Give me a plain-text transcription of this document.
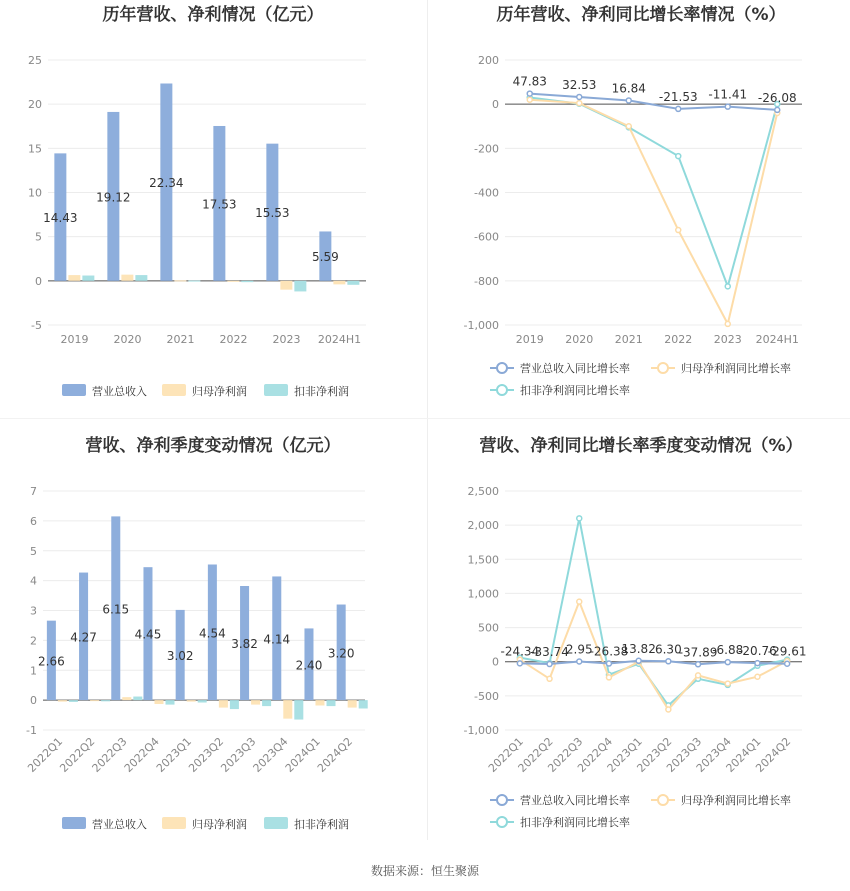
历年营收、净利情况（亿元）
-5
0
5
10
15
20
25
2019 2020 2021 2022 2023 2024H1
14.43
19.12
22.34
17.53
15.53
5.59
营业总收入	归母净利润	扣非净利润
历年营收、净利同比增长率情况（%）
-1,000
-800
-600
-400
-200
0
200
2019 2020 2021 2022 2023 2024H1
47.83 32.53 16.84
-21.53 -11.41 -26.08
营业总收入同比增长率	归母净利润同比增长率
扣非净利润同比增长率
营收、净利季度变动情况（亿元）
-1
0
1
2
3
4
5
6
7
2022Q1
2022Q2
2022Q3
2022Q4
2023Q1
2023Q2
2023Q3
2023Q4
2024Q1
2024Q2
2.66
4.27
6.15
4.45
3.02
4.54
3.82 4.14
2.40
3.20
营业总收入	归母净利润	扣非净利润
营收、净利同比增长率季度变动情况（%）
-1,000
-500
0
500
1,000
1,500
2,000
2,500
2022Q1
2022Q2
2022Q3
2022Q4
2023Q1
2023Q2
2023Q3
2023Q4
2024Q1
2024Q2
-24.34
-33.74
2.95
-26.38
13.82 6.30
-37.89
-6.88
-20.76
-29.61
营业总收入同比增长率	归母净利润同比增长率
扣非净利润同比增长率
数据来源：恒生聚源
